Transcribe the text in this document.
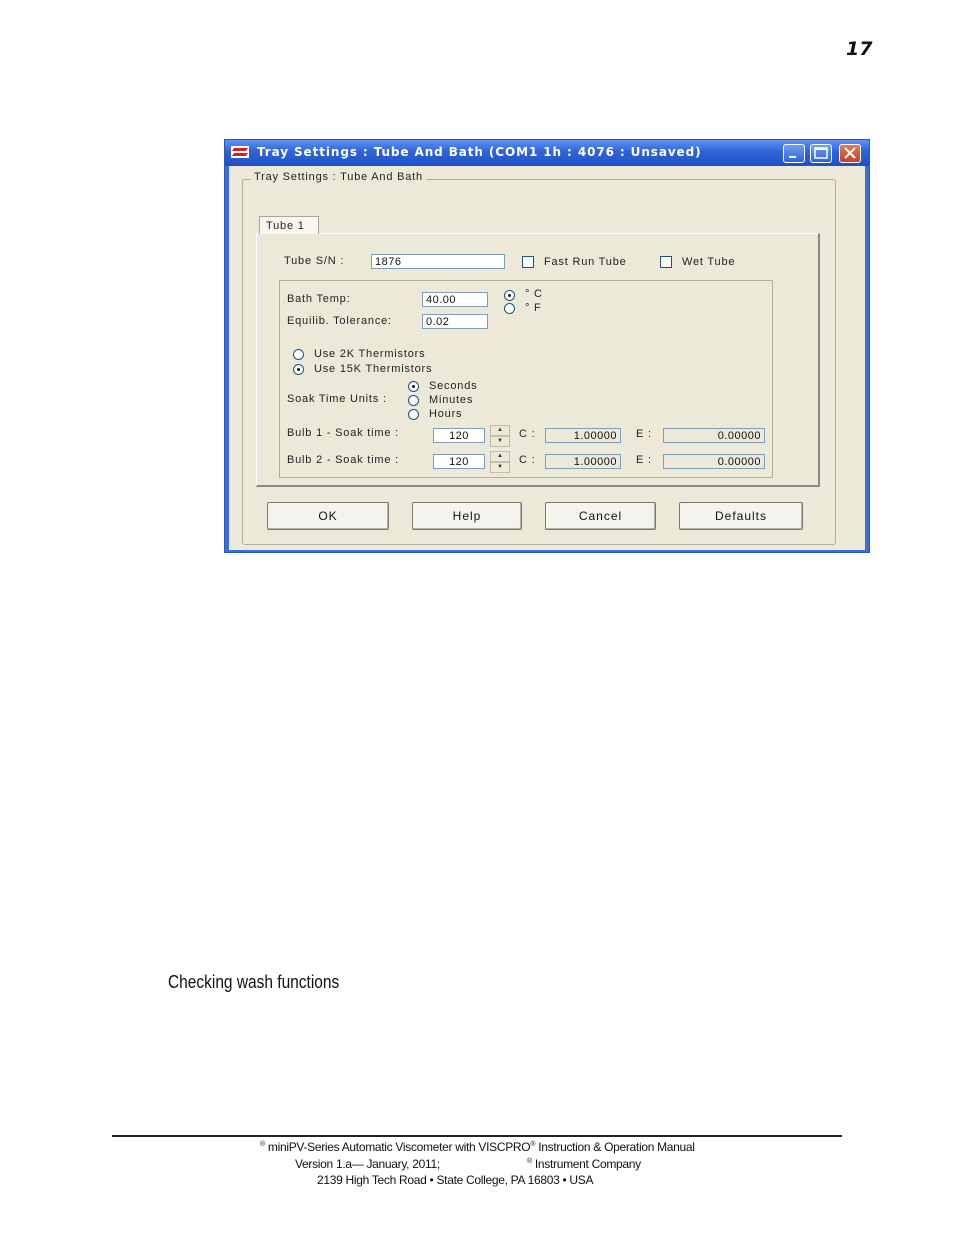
17
Tray Settings : Tube And Bath (COM1 1h : 4076 : Unsaved)
Tray Settings : Tube And Bath
Tube 1
Tube S/N :	1876	Fast Run Tube	Wet Tube
Bath Temp:	40.00	° C
° F
Equilib. Tolerance:	0.02
Use 2K Thermistors
Use 15K Thermistors
Soak Time Units :
Seconds
Minutes
Hours
Bulb 1 - Soak time :	120	▲
▼
C :	1.00000	E :	0.00000
Bulb 2 - Soak time :	120	▲
▼
C :	1.00000	E :	0.00000
OK	Help	Cancel	Defaults
Checking wash functions
® miniPV-Series Automatic Viscometer with VISCPRO® Instruction & Operation Manual
Version 1.a— January, 2011;	® Instrument Company
2139 High Tech Road • State College, PA 16803 • USA
